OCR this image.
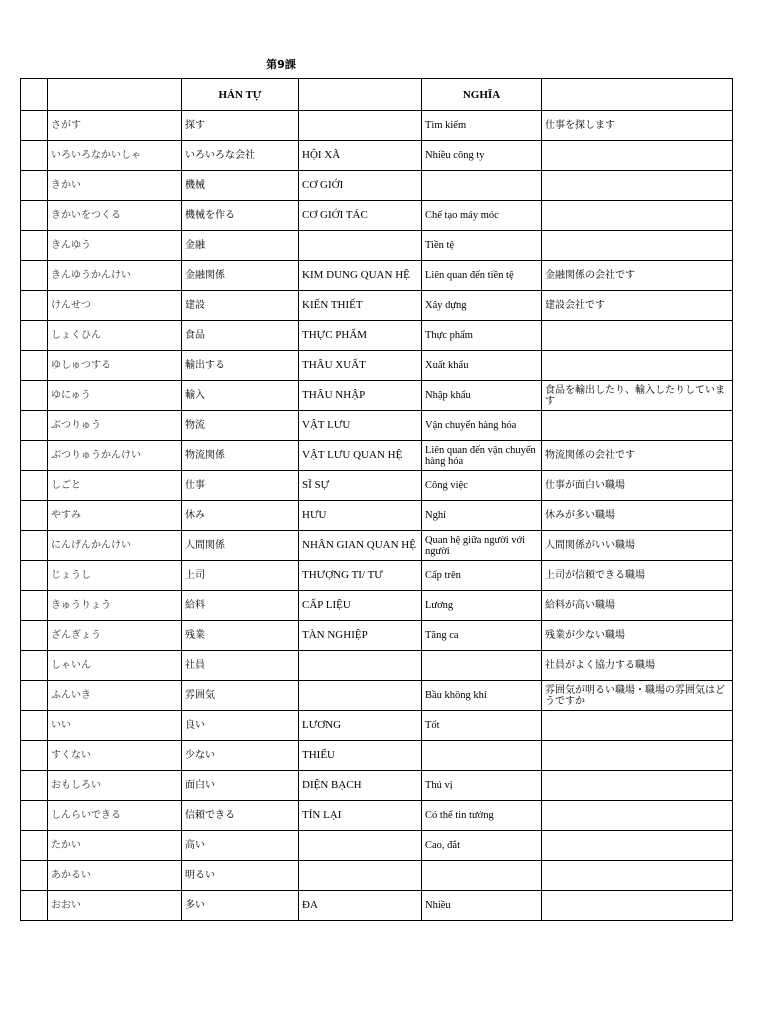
第9課
		HÁN TỰ		NGHĨA	
	さがす	探す		Tìm kiếm	仕事を探します
	いろいろなかいしゃ	いろいろな会社	HỘI XÃ	Nhiều công ty	
	きかい	機械	CƠ GIỚI		
	きかいをつくる	機械を作る	CƠ GIỚI TÁC	Chế tạo máy móc	
	きんゆう	金融		Tiền tệ	
	きんゆうかんけい	金融関係	KIM DUNG QUAN HỆ	Liên quan đến tiền tệ	金融関係の会社です
	けんせつ	建設	KIẾN THIẾT	Xây dựng	建設会社です
	しょくひん	食品	THỰC PHẨM	Thực phẩm	
	ゆしゅつする	輸出する	THÂU XUẤT	Xuất khẩu	
	ゆにゅう	輸入	THÂU NHẬP	Nhập khẩu	食品を輸出したり、輸入したりしています
	ぶつりゅう	物流	VẬT LƯU	Vận chuyển hàng hóa	
	ぶつりゅうかんけい	物流関係	VẬT LƯU QUAN HỆ	Liên quan đến vận chuyển hàng hóa	物流関係の会社です
	しごと	仕事	SĨ SỰ	Công việc	仕事が面白い職場
	やすみ	休み	HƯU	Nghỉ	休みが多い職場
	にんげんかんけい	人間関係	NHÂN GIAN QUAN HỆ	Quan hệ giữa người với người	人間関係がいい職場
	じょうし	上司	THƯỢNG TI/ TƯ	Cấp trên	上司が信頼できる職場
	きゅうりょう	給料	CẤP LIỆU	Lương	給料が高い職場
	ざんぎょう	残業	TÀN NGHIỆP	Tăng ca	残業が少ない職場
	しゃいん	社員			社員がよく協力する職場
	ふんいき	雰囲気		Bầu không khí	雰囲気が明るい職場・職場の雰囲気はどうですか
	いい	良い	LƯƠNG	Tốt	
	すくない	少ない	THIỂU		
	おもしろい	面白い	DIỆN BẠCH	Thú vị	
	しんらいできる	信頼できる	TÍN LẠI	Có thể tin tưởng	
	たかい	高い		Cao, đắt	
	あかるい	明るい			
	おおい	多い	ĐA	Nhiều	
